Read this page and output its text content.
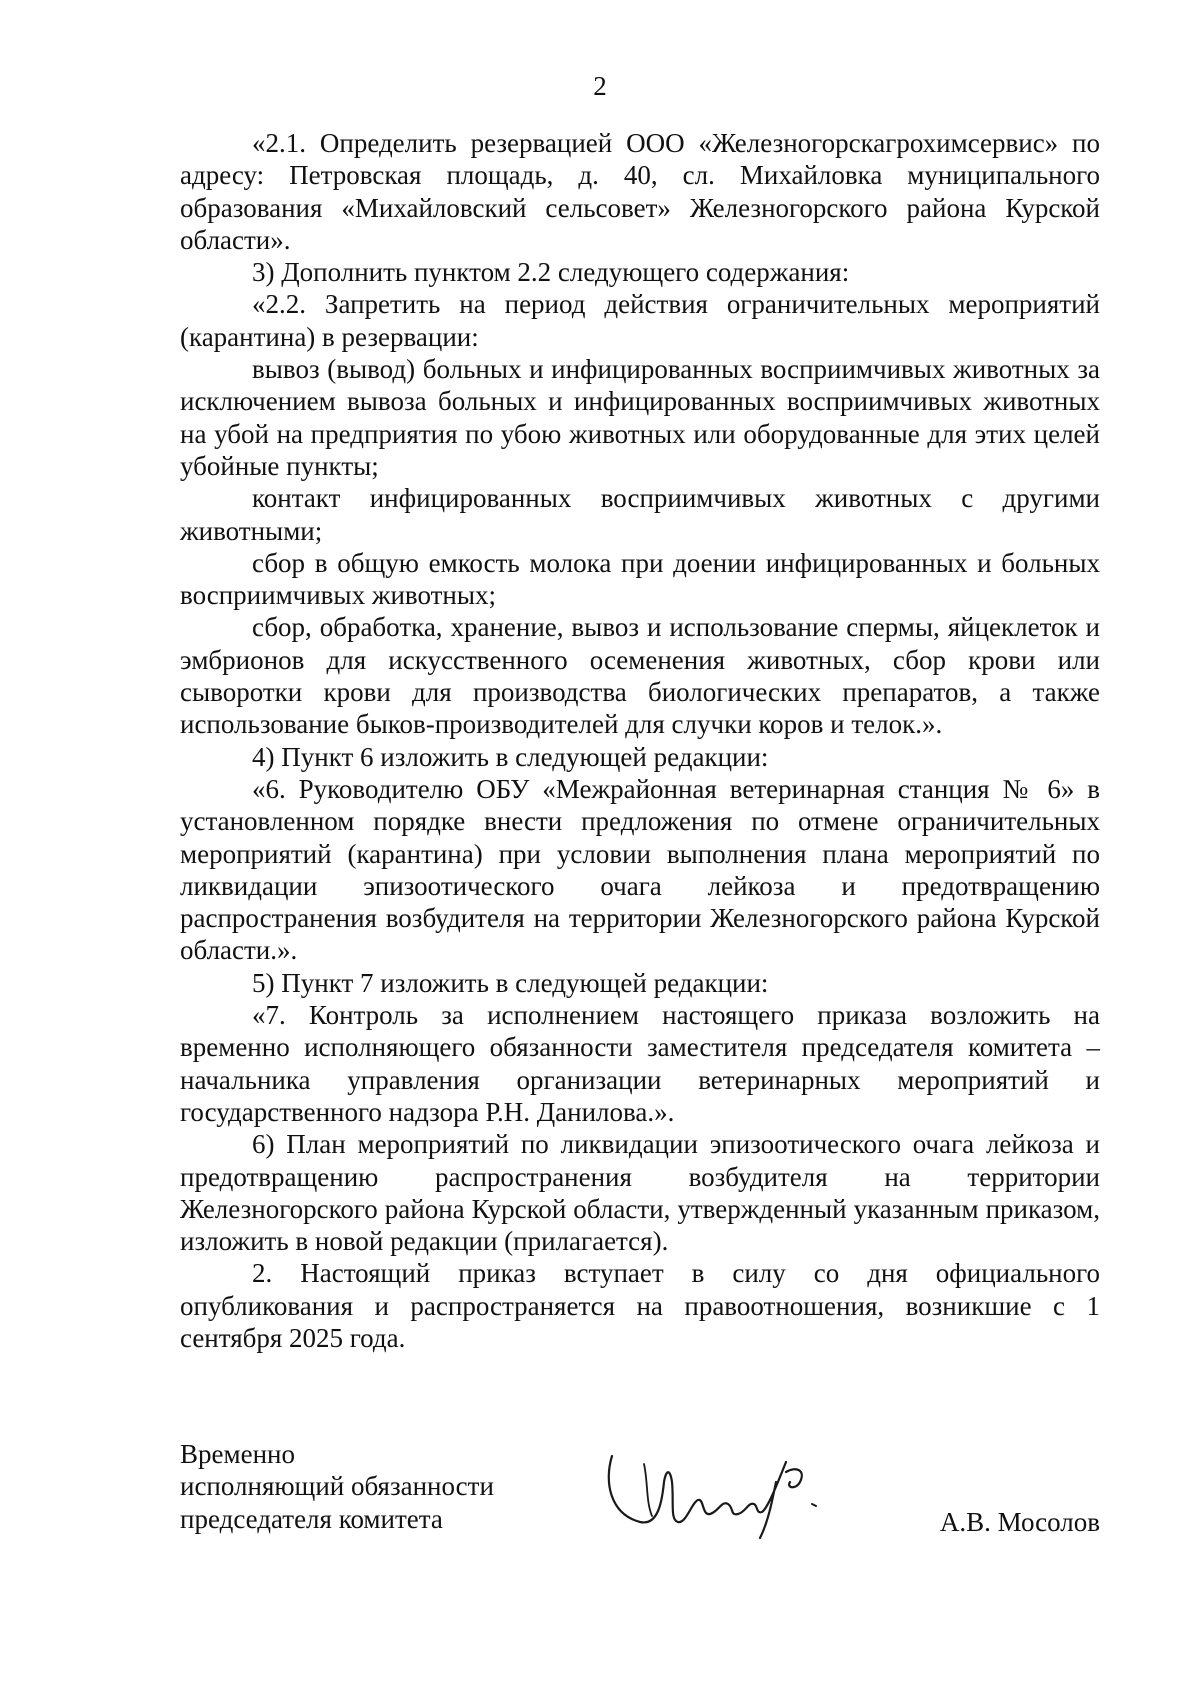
2

«2.1. Определить резервацией ООО «Железногорскагрохимсервис» по адресу: Петровская площадь, д. 40, сл. Михайловка муниципального образования «Михайловский сельсовет» Железногорского района Курской области».

3) Дополнить пунктом 2.2 следующего содержания:

«2.2. Запретить на период действия ограничительных мероприятий (карантина) в резервации:

вывоз (вывод) больных и инфицированных восприимчивых животных за исключением вывоза больных и инфицированных восприимчивых животных на убой на предприятия по убою животных или оборудованные для этих целей убойные пункты;

контакт инфицированных восприимчивых животных с другими животными;

сбор в общую емкость молока при доении инфицированных и больных восприимчивых животных;

сбор, обработка, хранение, вывоз и использование спермы, яйцеклеток и эмбрионов для искусственного осеменения животных, сбор крови или сыворотки крови для производства биологических препаратов, а также использование быков-производителей для случки коров и телок.».

4) Пункт 6 изложить в следующей редакции:

«6. Руководителю ОБУ «Межрайонная ветеринарная станция № 6» в установленном порядке внести предложения по отмене ограничительных мероприятий (карантина) при условии выполнения плана мероприятий по ликвидации эпизоотического очага лейкоза и предотвращению распространения возбудителя на территории Железногорского района Курской области.».

5) Пункт 7 изложить в следующей редакции:

«7. Контроль за исполнением настоящего приказа возложить на временно исполняющего обязанности заместителя председателя комитета – начальника управления организации ветеринарных мероприятий и государственного надзора Р.Н. Данилова.».

6) План мероприятий по ликвидации эпизоотического очага лейкоза и предотвращению распространения возбудителя на территории Железногорского района Курской области, утвержденный указанным приказом, изложить в новой редакции (прилагается).

2. Настоящий приказ вступает в силу со дня официального опубликования и распространяется на правоотношения, возникшие с 1 сентября 2025 года.

Временно
исполняющий обязанности
председателя комитета	А.В. Мосолов
